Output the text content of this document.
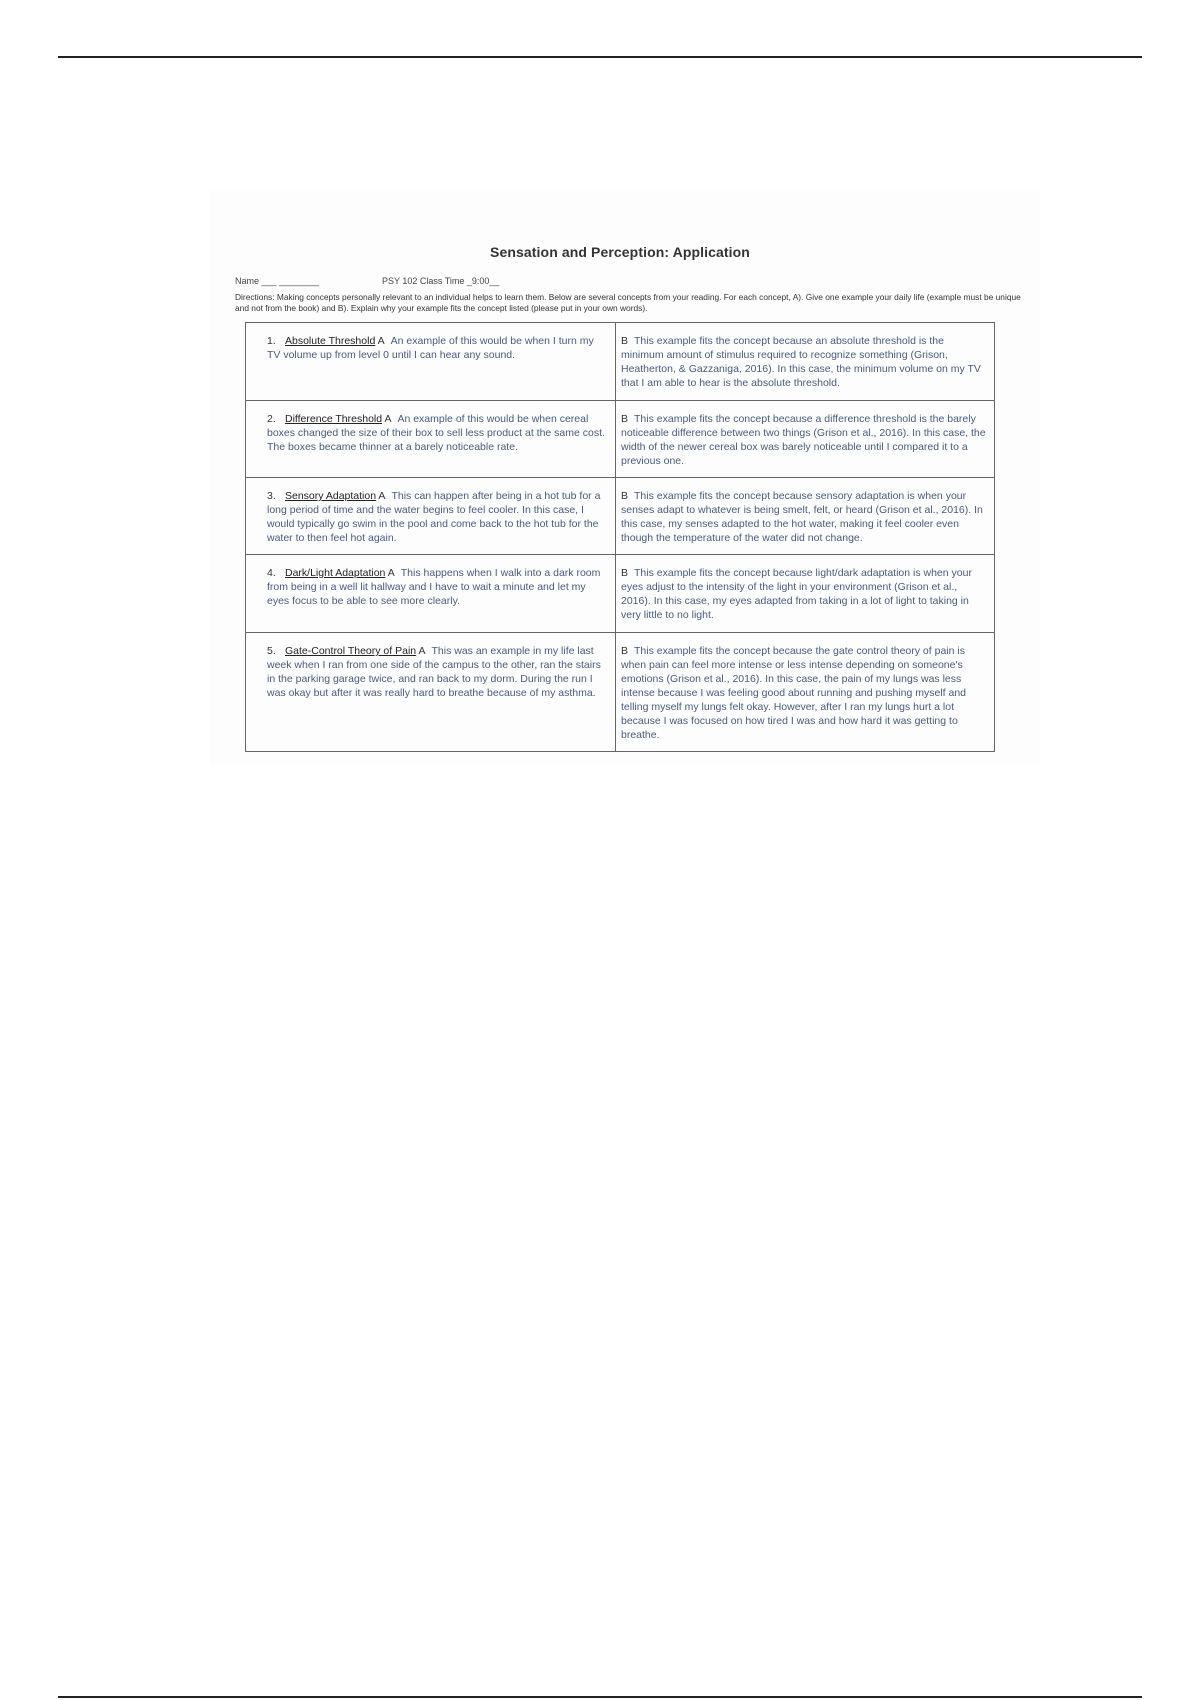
Sensation and Perception: Application
Name ___ ________	PSY 102 Class Time _9:00__
Directions: Making concepts personally relevant to an individual helps to learn them. Below are several concepts from your reading. For each concept, A). Give one example your daily life (example must be unique and not from the book) and B). Explain why your example fits the concept listed (please put in your own words).
1. Absolute Threshold A An example of this would be when I turn my TV volume up from level 0 until I can hear any sound.
B This example fits the concept because an absolute threshold is the minimum amount of stimulus required to recognize something (Grison, Heatherton, & Gazzaniga, 2016). In this case, the minimum volume on my TV that I am able to hear is the absolute threshold.
2. Difference Threshold A An example of this would be when cereal boxes changed the size of their box to sell less product at the same cost. The boxes became thinner at a barely noticeable rate.
B This example fits the concept because a difference threshold is the barely noticeable difference between two things (Grison et al., 2016). In this case, the width of the newer cereal box was barely noticeable until I compared it to a previous one.
3. Sensory Adaptation A This can happen after being in a hot tub for a long period of time and the water begins to feel cooler. In this case, I would typically go swim in the pool and come back to the hot tub for the water to then feel hot again.
B This example fits the concept because sensory adaptation is when your senses adapt to whatever is being smelt, felt, or heard (Grison et al., 2016). In this case, my senses adapted to the hot water, making it feel cooler even though the temperature of the water did not change.
4. Dark/Light Adaptation A This happens when I walk into a dark room from being in a well lit hallway and I have to wait a minute and let my eyes focus to be able to see more clearly.
B This example fits the concept because light/dark adaptation is when your eyes adjust to the intensity of the light in your environment (Grison et al., 2016). In this case, my eyes adapted from taking in a lot of light to taking in very little to no light.
5. Gate-Control Theory of Pain A This was an example in my life last week when I ran from one side of the campus to the other, ran the stairs in the parking garage twice, and ran back to my dorm. During the run I was okay but after it was really hard to breathe because of my asthma.
B This example fits the concept because the gate control theory of pain is when pain can feel more intense or less intense depending on someone's emotions (Grison et al., 2016). In this case, the pain of my lungs was less intense because I was feeling good about running and pushing myself and telling myself my lungs felt okay. However, after I ran my lungs hurt a lot because I was focused on how tired I was and how hard it was getting to breathe.
